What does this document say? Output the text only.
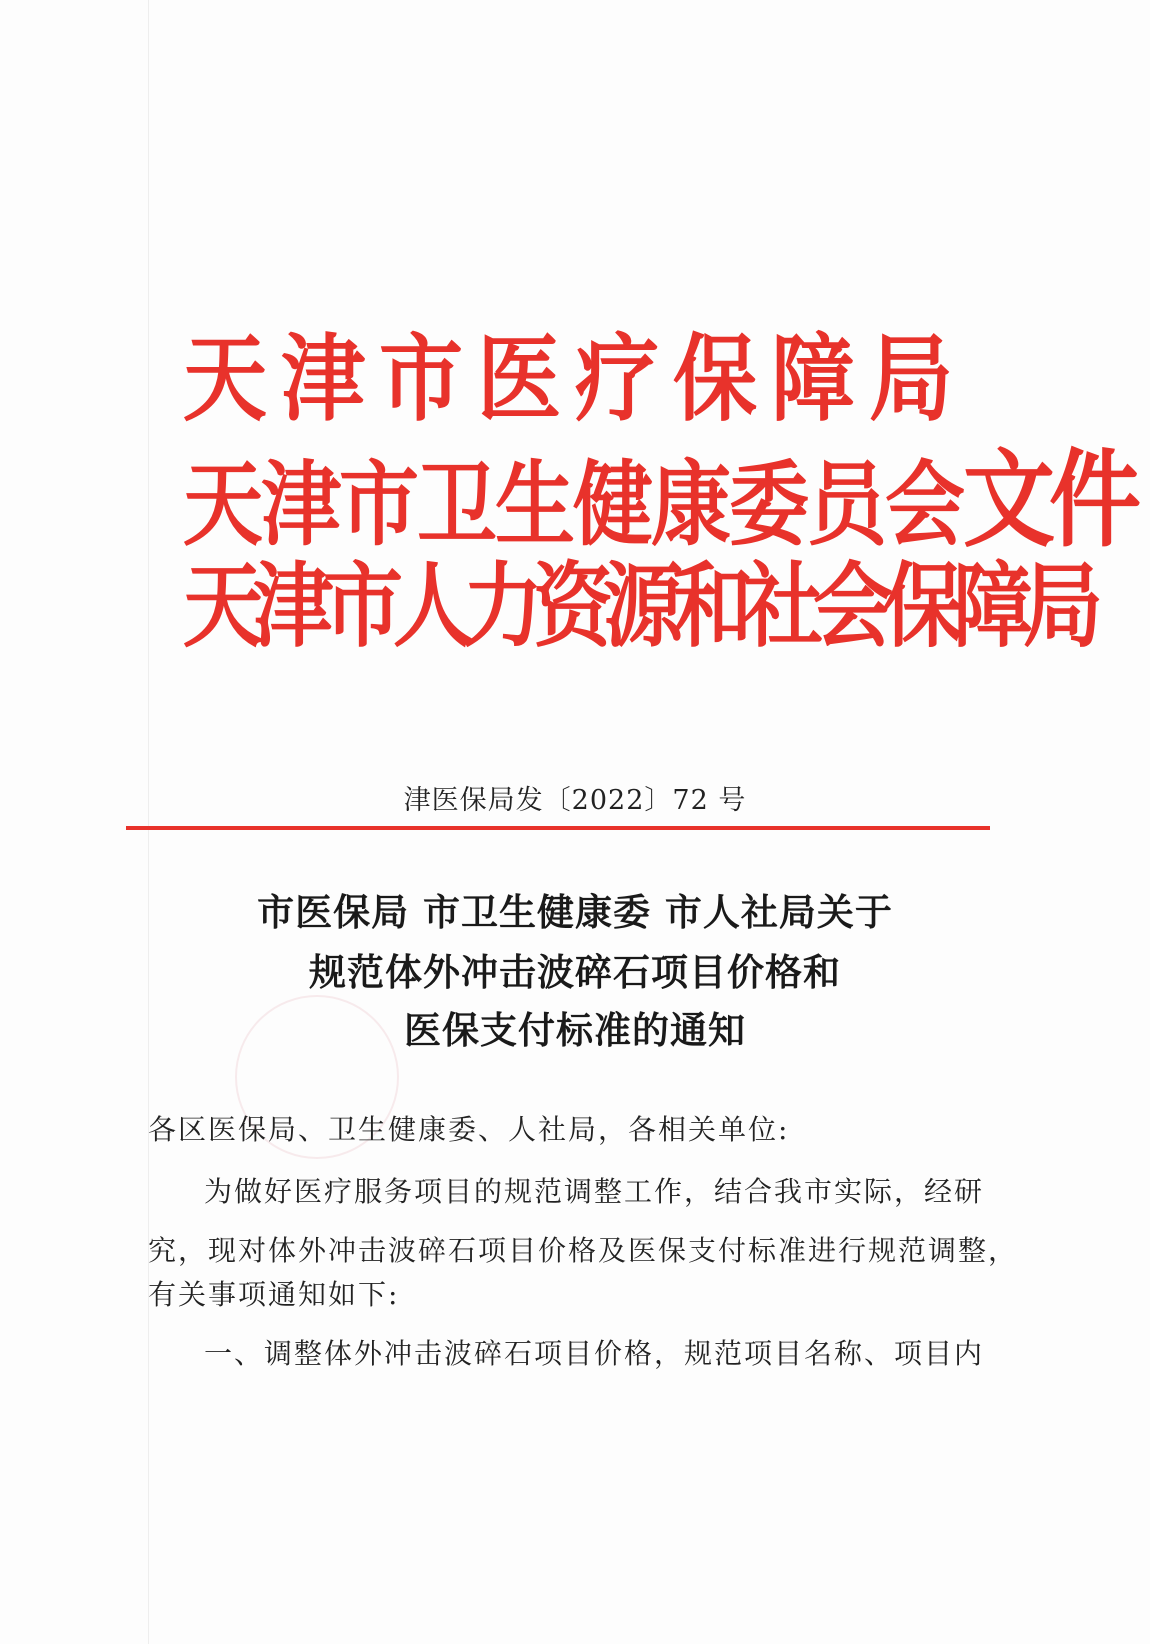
天津市医疗保障局
天津市卫生健康委员会文件
天津市人力资源和社会保障局
津医保局发〔2022〕72 号
市医保局 市卫生健康委 市人社局关于
规范体外冲击波碎石项目价格和
医保支付标准的通知
各区医保局、卫生健康委、人社局，各相关单位:
为做好医疗服务项目的规范调整工作，结合我市实际，经研
究，现对体外冲击波碎石项目价格及医保支付标准进行规范调整，
有关事项通知如下:
一、调整体外冲击波碎石项目价格，规范项目名称、项目内
